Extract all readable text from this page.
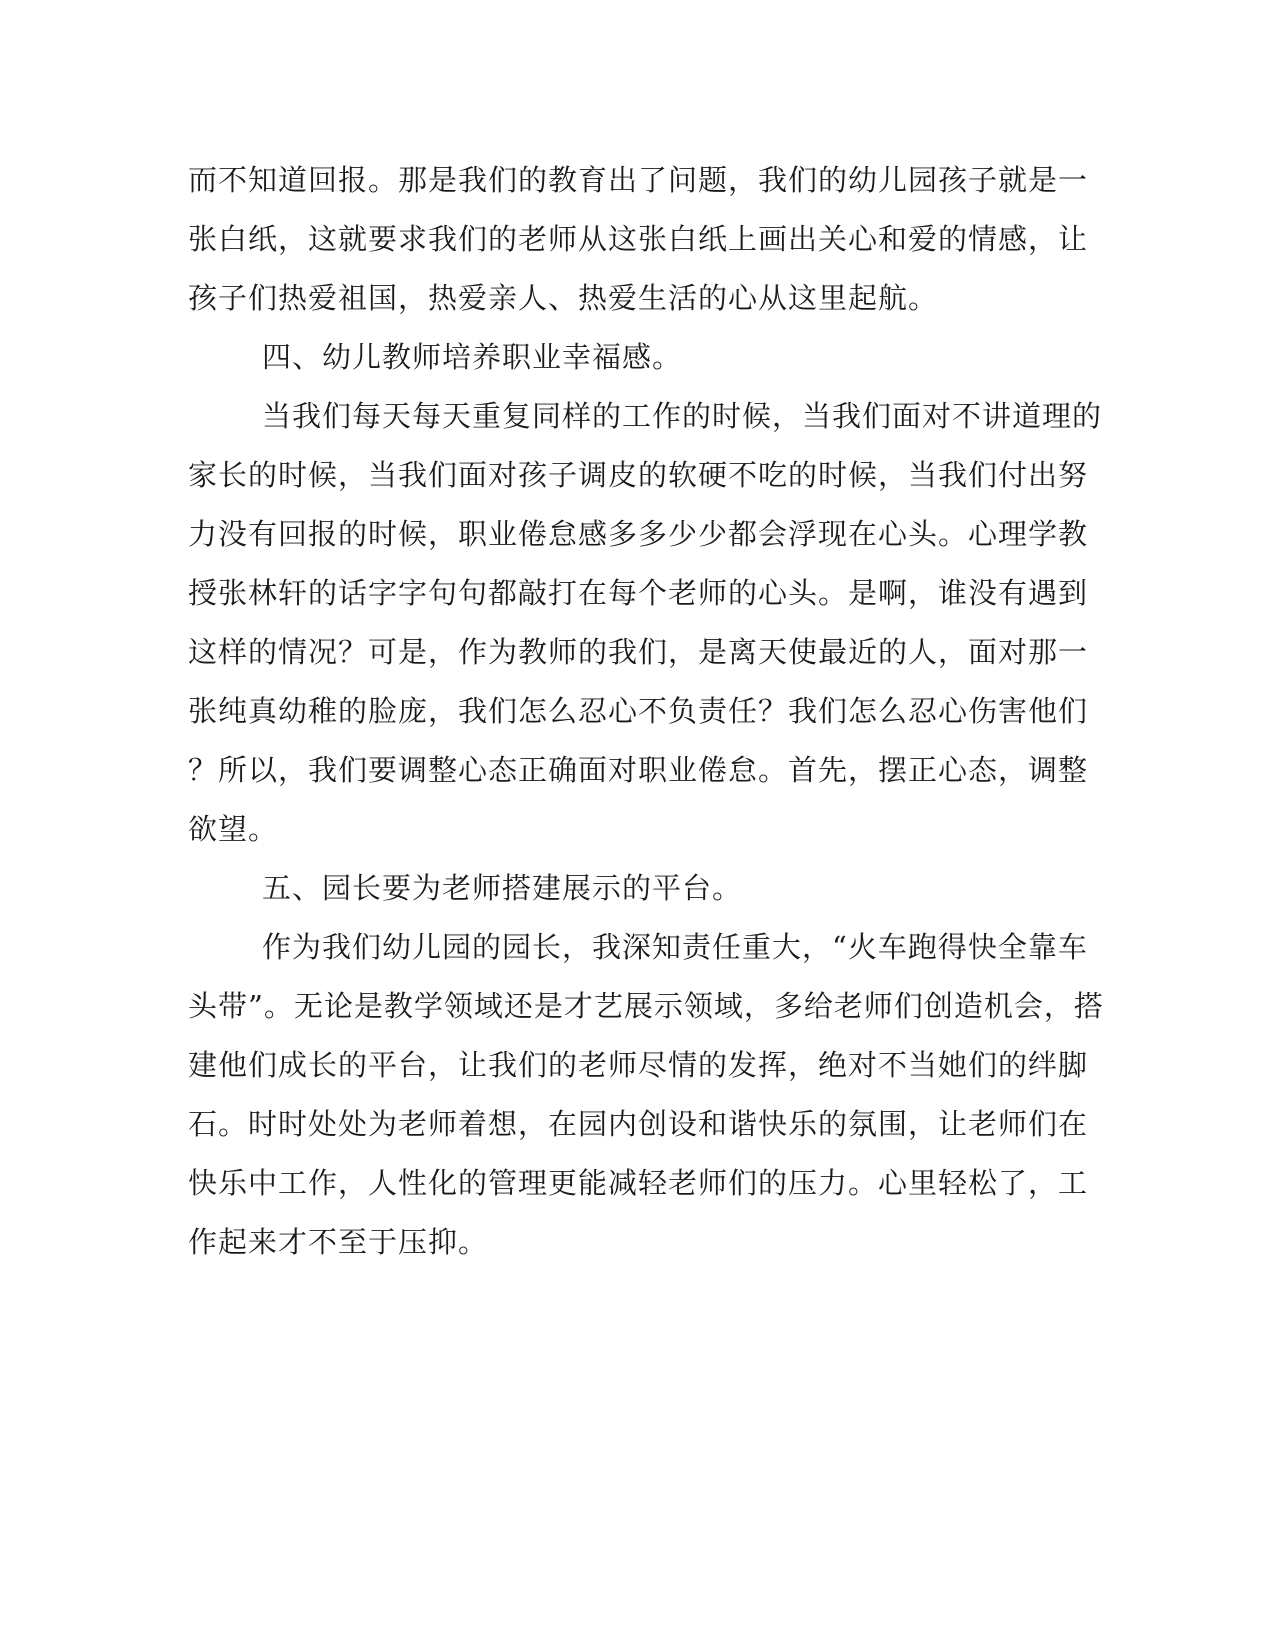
而不知道回报。那是我们的教育出了问题，我们的幼儿园孩子就是一

张白纸，这就要求我们的老师从这张白纸上画出关心和爱的情感，让

孩子们热爱祖国，热爱亲人、热爱生活的心从这里起航。

四、幼儿教师培养职业幸福感。

当我们每天每天重复同样的工作的时候，当我们面对不讲道理的

家长的时候，当我们面对孩子调皮的软硬不吃的时候，当我们付出努

力没有回报的时候，职业倦怠感多多少少都会浮现在心头。心理学教

授张林轩的话字字句句都敲打在每个老师的心头。是啊，谁没有遇到

这样的情况？可是，作为教师的我们，是离天使最近的人，面对那一

张纯真幼稚的脸庞，我们怎么忍心不负责任？我们怎么忍心伤害他们

？所以，我们要调整心态正确面对职业倦怠。首先，摆正心态，调整

欲望。

五、园长要为老师搭建展示的平台。

作为我们幼儿园的园长，我深知责任重大，“火车跑得快全靠车

头带”。无论是教学领域还是才艺展示领域，多给老师们创造机会，搭

建他们成长的平台，让我们的老师尽情的发挥，绝对不当她们的绊脚

石。时时处处为老师着想，在园内创设和谐快乐的氛围，让老师们在

快乐中工作，人性化的管理更能减轻老师们的压力。心里轻松了，工

作起来才不至于压抑。
